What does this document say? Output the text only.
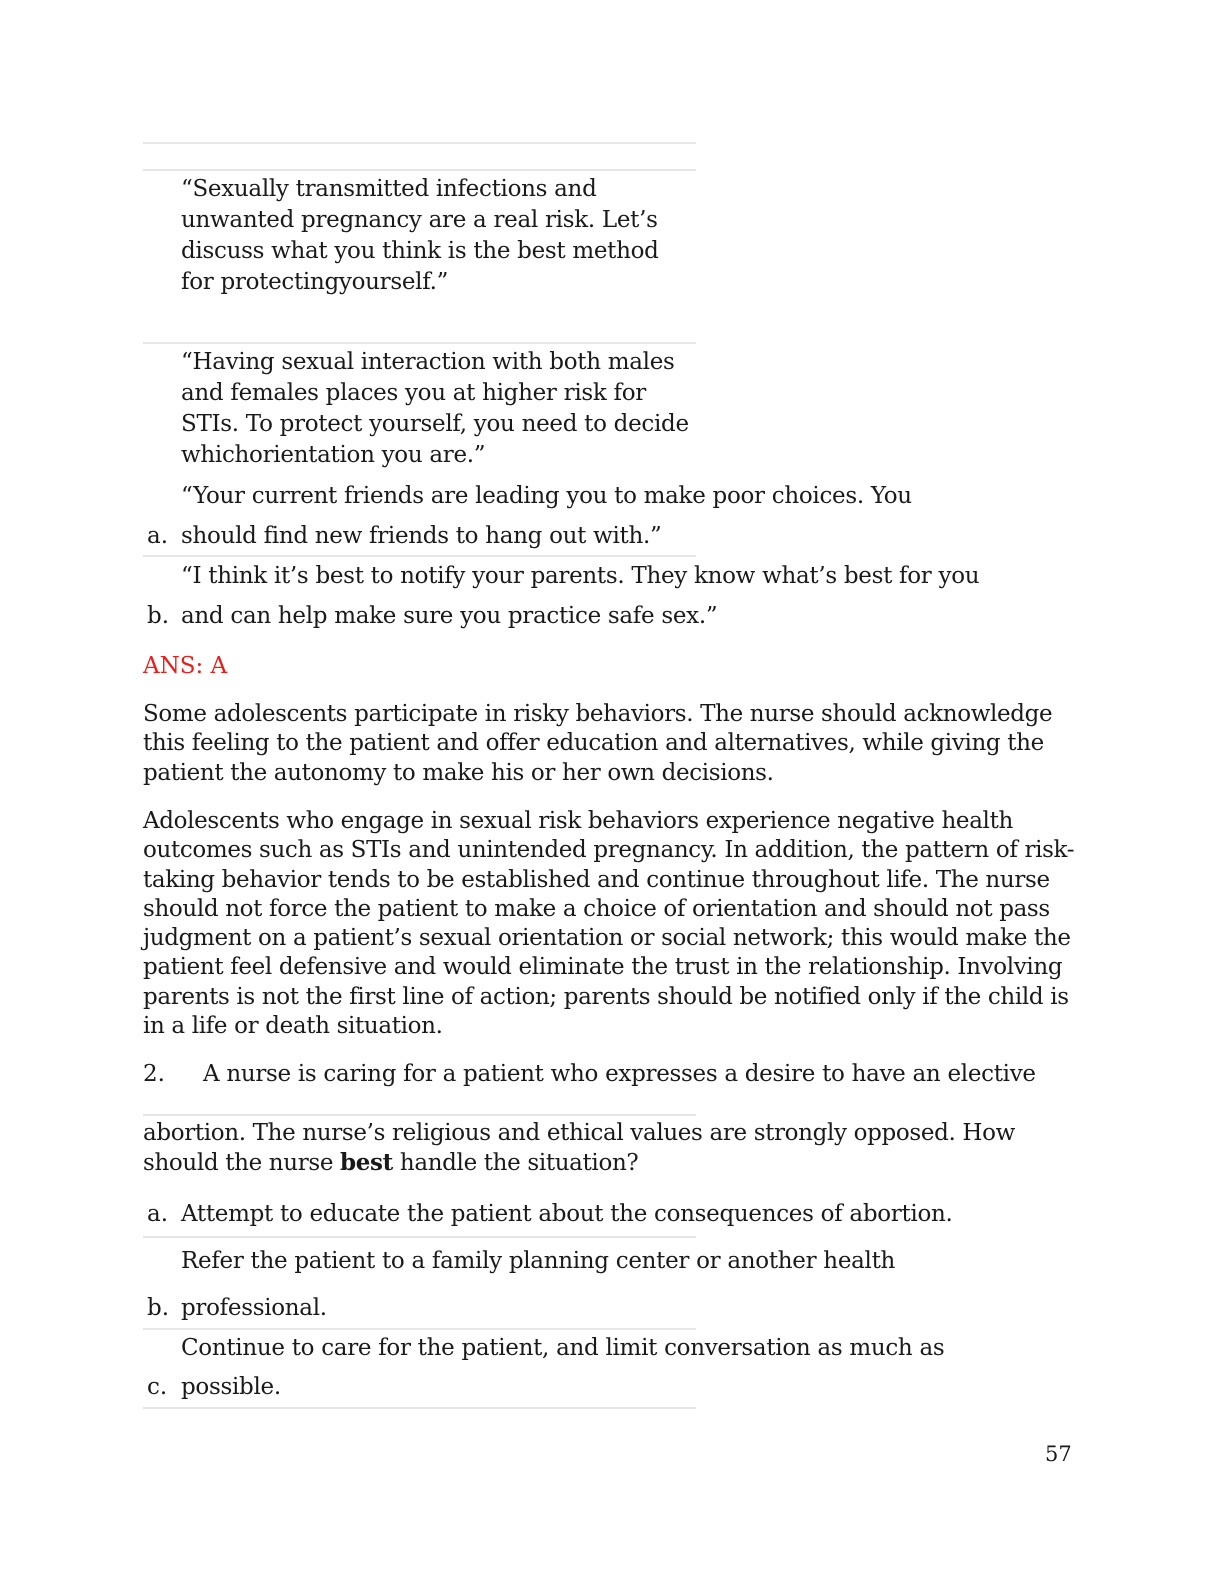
“Sexually transmitted infections and unwanted pregnancy are a real risk. Let’s discuss what you think is the best method for protectingyourself.”

“Having sexual interaction with both males and females places you at higher risk for STIs. To protect yourself, you need to decide whichorientation you are.”

“Your current friends are leading you to make poor choices. You
a. should find new friends to hang out with.”
“I think it’s best to notify your parents. They know what’s best for you
b. and can help make sure you practice safe sex.”
ANS: A

Some adolescents participate in risky behaviors. The nurse should acknowledge this feeling to the patient and offer education and alternatives, while giving the patient the autonomy to make his or her own decisions.

Adolescents who engage in sexual risk behaviors experience negative health outcomes such as STIs and unintended pregnancy. In addition, the pattern of risk-taking behavior tends to be established and continue throughout life. The nurse should not force the patient to make a choice of orientation and should not pass judgment on a patient’s sexual orientation or social network; this would make the patient feel defensive and would eliminate the trust in the relationship. Involving parents is not the first line of action; parents should be notified only if the child is in a life or death situation.

2. A nurse is caring for a patient who expresses a desire to have an elective

abortion. The nurse’s religious and ethical values are strongly opposed. How should the nurse best handle the situation?

a. Attempt to educate the patient about the consequences of abortion.
Refer the patient to a family planning center or another health
b. professional.
Continue to care for the patient, and limit conversation as much as
c. possible.
57
